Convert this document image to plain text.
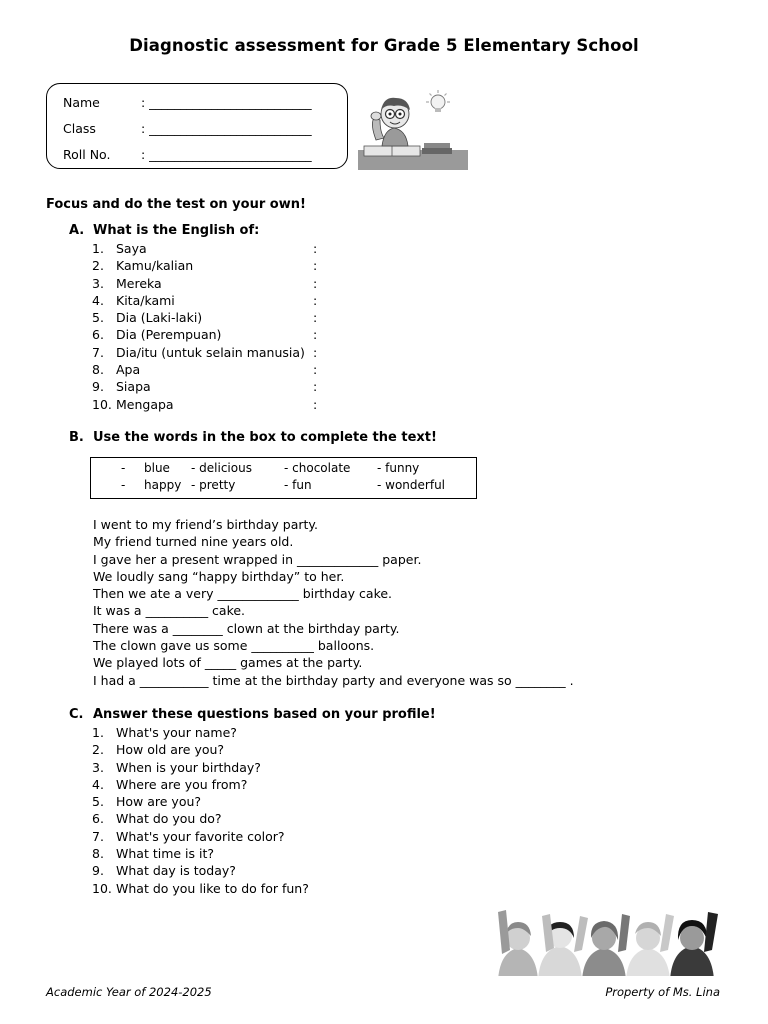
Diagnostic assessment for Grade 5 Elementary School
Name	: __________________________
Class	: __________________________
Roll No. : __________________________
Focus and do the test on your own!
A. What is the English of:
1. Saya	:
2. Kamu/kalian	:
3. Mereka	:
4. Kita/kami	:
5. Dia (Laki-laki)	:
6. Dia (Perempuan)	:
7. Dia/itu (untuk selain manusia) :
8. Apa	:
9. Siapa	:
10. Mengapa	:
B. Use the words in the box to complete the text!
- blue - delicious	- chocolate - funny
- happy - pretty	- fun	- wonderful
I went to my friend’s birthday party.
My friend turned nine years old.
I gave her a present wrapped in _____________ paper.
We loudly sang “happy birthday” to her.
Then we ate a very _____________ birthday cake.
It was a __________ cake.
There was a ________ clown at the birthday party.
The clown gave us some __________ balloons.
We played lots of _____ games at the party.
I had a ___________ time at the birthday party and everyone was so ________ .
C. Answer these questions based on your profile!
1. What's your name?
2. How old are you?
3. When is your birthday?
4. Where are you from?
5. How are you?
6. What do you do?
7. What's your favorite color?
8. What time is it?
9. What day is today?
10. What do you like to do for fun?
Academic Year of 2024-2025	Property of Ms. Lina
